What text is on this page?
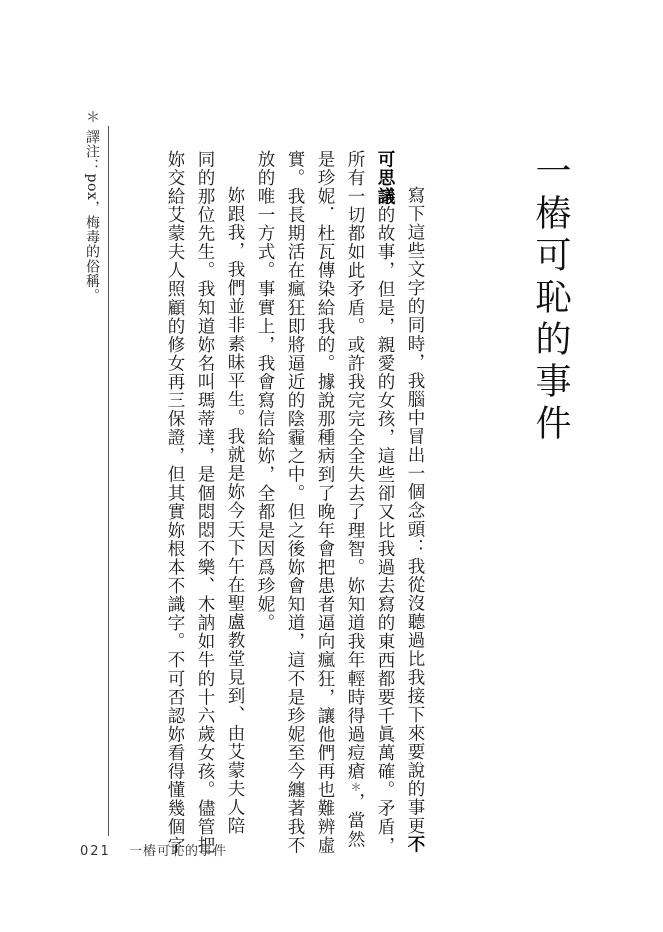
一樁可恥的事件
寫下這些文字的同時，我腦中冒出一個念頭：我從沒聽過比我接下來要說的事更不
可思議的故事，但是，親愛的女孩，這些卻又比我過去寫的東西都要千眞萬確。矛盾，
所有一切都如此矛盾。或許我完完全全失去了理智。妳知道我年輕時得過痘瘡＊，當然
是珍妮．杜瓦傳染給我的。據說那種病到了晚年會把患者逼向瘋狂，讓他們再也難辨虛
實。我長期活在瘋狂即將逼近的陰霾之中。但之後妳會知道，這不是珍妮至今纏著我不
放的唯一方式。事實上，我會寫信給妳，全都是因爲珍妮。
妳跟我，我們並非素昧平生。我就是妳今天下午在聖盧教堂見到、由艾蒙夫人陪
同的那位先生。我知道妳名叫瑪蒂達，是個悶悶不樂、木訥如牛的十六歲女孩。儘管把
妳交給艾蒙夫人照顧的修女再三保證，但其實妳根本不識字。不可否認妳看得懂幾個字
＊ 譯注：pox，梅毒的俗稱。
021 一樁可恥的事件
